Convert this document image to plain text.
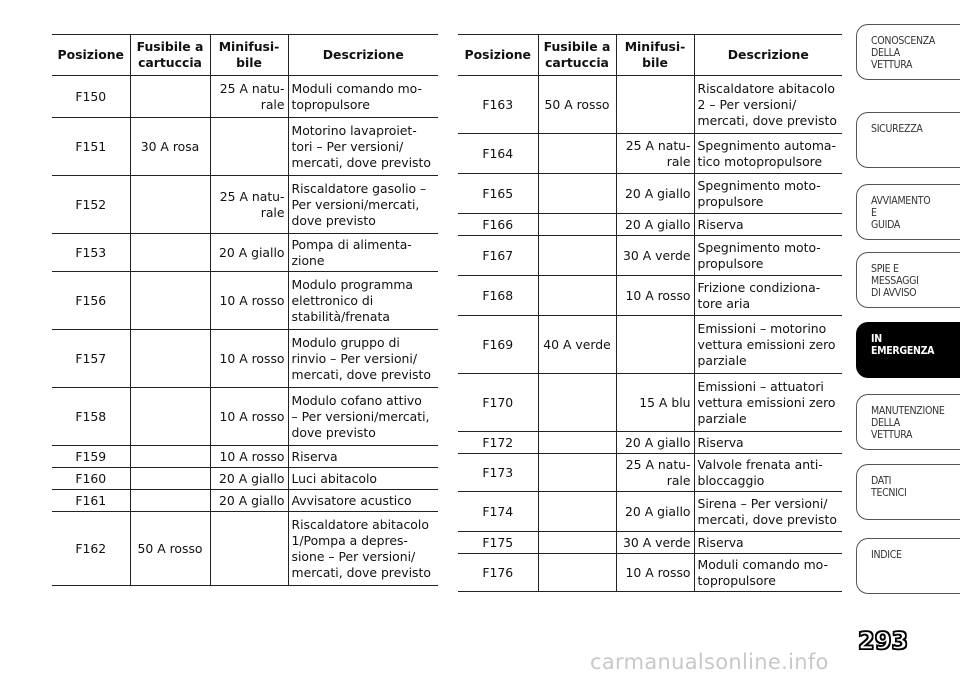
Posizione	Fusibile a cartuccia	Minifusi-
bile	Descrizione
F150		25 A natu-
rale	Moduli comando mo-
topropulsore
F151	30 A rosa		Motorino lavaproiet-
tori – Per versioni/
mercati, dove previsto
F152		25 A natu-
rale	Riscaldatore gasolio –
Per versioni/mercati,
dove previsto
F153		20 A giallo	Pompa di alimenta-
zione
F156		10 A rosso	Modulo programma
elettronico di
stabilità/frenata
F157		10 A rosso	Modulo gruppo di
rinvio – Per versioni/
mercati, dove previsto
F158		10 A rosso	Modulo cofano attivo
– Per versioni/mercati,
dove previsto
F159		10 A rosso	Riserva
F160		20 A giallo	Luci abitacolo
F161		20 A giallo	Avvisatore acustico
F162	50 A rosso		Riscaldatore abitacolo
1/Pompa a depres-
sione – Per versioni/
mercati, dove previsto
Posizione	Fusibile a cartuccia	Minifusi-
bile	Descrizione
F163	50 A rosso		Riscaldatore abitacolo
2 – Per versioni/
mercati, dove previsto
F164		25 A natu-
rale	Spegnimento automa-
tico motopropulsore
F165		20 A giallo	Spegnimento moto-
propulsore
F166		20 A giallo	Riserva
F167		30 A verde	Spegnimento moto-
propulsore
F168		10 A rosso	Frizione condiziona-
tore aria
F169	40 A verde		Emissioni – motorino
vettura emissioni zero
parziale
F170		15 A blu	Emissioni – attuatori
vettura emissioni zero
parziale
F172		20 A giallo	Riserva
F173		25 A natu-
rale	Valvole frenata anti-
bloccaggio
F174		20 A giallo	Sirena – Per versioni/
mercati, dove previsto
F175		30 A verde	Riserva
F176		10 A rosso	Moduli comando mo-
topropulsore
CONOSCENZA
DELLA
VETTURA
SICUREZZA
AVVIAMENTO
E
GUIDA
SPIE E
MESSAGGI
DI AVVISO
IN
EMERGENZA
MANUTENZIONE
DELLA
VETTURA
DATI
TECNICI
INDICE
293
carmanualsonline.info
